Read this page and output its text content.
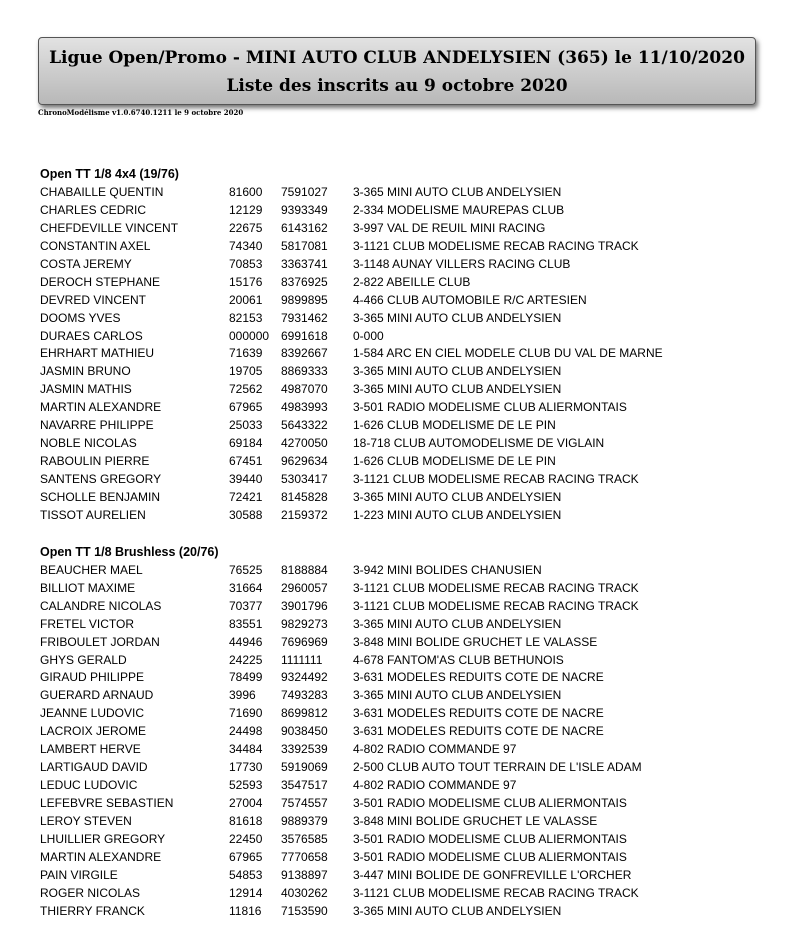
Ligue Open/Promo - MINI AUTO CLUB ANDELYSIEN (365) le 11/10/2020
Liste des inscrits au 9 octobre 2020
ChronoModélisme v1.0.6740.1211 le 9 octobre 2020
Open TT 1/8 4x4 (19/76)
CHABAILLE QUENTIN	81600 7591027 3-365 MINI AUTO CLUB ANDELYSIEN
CHARLES CEDRIC	12129 9393349 2-334 MODELISME MAUREPAS CLUB
CHEFDEVILLE VINCENT	22675 6143162 3-997 VAL DE REUIL MINI RACING
CONSTANTIN AXEL	74340 5817081 3-1121 CLUB MODELISME RECAB RACING TRACK
COSTA JEREMY	70853 3363741 3-1148 AUNAY VILLERS RACING CLUB
DEROCH STEPHANE	15176 8376925 2-822 ABEILLE CLUB
DEVRED VINCENT	20061 9899895 4-466 CLUB AUTOMOBILE R/C ARTESIEN
DOOMS YVES	82153 7931462 3-365 MINI AUTO CLUB ANDELYSIEN
DURAES CARLOS	000000 6991618 0-000
EHRHART MATHIEU	71639 8392667 1-584 ARC EN CIEL MODELE CLUB DU VAL DE MARNE
JASMIN BRUNO	19705 8869333 3-365 MINI AUTO CLUB ANDELYSIEN
JASMIN MATHIS	72562 4987070 3-365 MINI AUTO CLUB ANDELYSIEN
MARTIN ALEXANDRE	67965 4983993 3-501 RADIO MODELISME CLUB ALIERMONTAIS
NAVARRE PHILIPPE	25033 5643322 1-626 CLUB MODELISME DE LE PIN
NOBLE NICOLAS	69184 4270050 18-718 CLUB AUTOMODELISME DE VIGLAIN
RABOULIN PIERRE	67451 9629634 1-626 CLUB MODELISME DE LE PIN
SANTENS GREGORY	39440 5303417 3-1121 CLUB MODELISME RECAB RACING TRACK
SCHOLLE BENJAMIN	72421 8145828 3-365 MINI AUTO CLUB ANDELYSIEN
TISSOT AURELIEN	30588 2159372 1-223 MINI AUTO CLUB ANDELYSIEN
Open TT 1/8 Brushless (20/76)
BEAUCHER MAEL	76525 8188884 3-942 MINI BOLIDES CHANUSIEN
BILLIOT MAXIME	31664 2960057 3-1121 CLUB MODELISME RECAB RACING TRACK
CALANDRE NICOLAS	70377 3901796 3-1121 CLUB MODELISME RECAB RACING TRACK
FRETEL VICTOR	83551 9829273 3-365 MINI AUTO CLUB ANDELYSIEN
FRIBOULET JORDAN	44946 7696969 3-848 MINI BOLIDE GRUCHET LE VALASSE
GHYS GERALD	24225 1111111	4-678 FANTOM'AS CLUB BETHUNOIS
GIRAUD PHILIPPE	78499 9324492 3-631 MODELES REDUITS COTE DE NACRE
GUERARD ARNAUD	3996 7493283 3-365 MINI AUTO CLUB ANDELYSIEN
JEANNE LUDOVIC	71690 8699812 3-631 MODELES REDUITS COTE DE NACRE
LACROIX JEROME	24498 9038450 3-631 MODELES REDUITS COTE DE NACRE
LAMBERT HERVE	34484 3392539 4-802 RADIO COMMANDE 97
LARTIGAUD DAVID	17730 5919069 2-500 CLUB AUTO TOUT TERRAIN DE L'ISLE ADAM
LEDUC LUDOVIC	52593 3547517 4-802 RADIO COMMANDE 97
LEFEBVRE SEBASTIEN	27004 7574557 3-501 RADIO MODELISME CLUB ALIERMONTAIS
LEROY STEVEN	81618 9889379 3-848 MINI BOLIDE GRUCHET LE VALASSE
LHUILLIER GREGORY	22450 3576585 3-501 RADIO MODELISME CLUB ALIERMONTAIS
MARTIN ALEXANDRE	67965 7770658 3-501 RADIO MODELISME CLUB ALIERMONTAIS
PAIN VIRGILE	54853 9138897 3-447 MINI BOLIDE DE GONFREVILLE L'ORCHER
ROGER NICOLAS	12914 4030262 3-1121 CLUB MODELISME RECAB RACING TRACK
THIERRY FRANCK	11816 7153590 3-365 MINI AUTO CLUB ANDELYSIEN
